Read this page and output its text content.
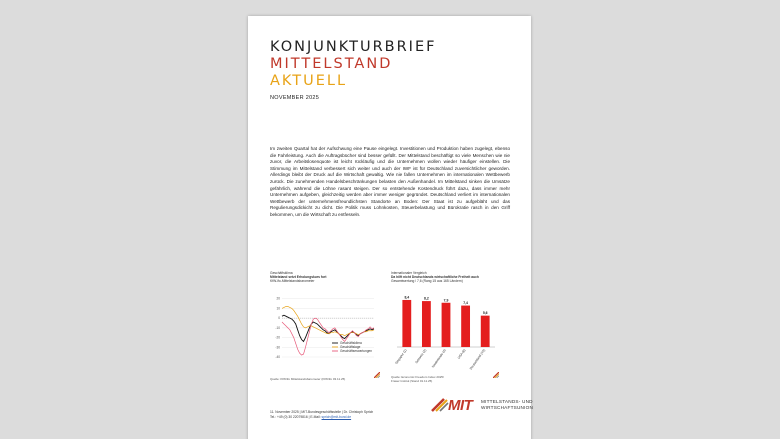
KONJUNKTURBRIEF
MITTELSTAND
AKTUELL
NOVEMBER 2025
Im zweiten Quartal hat der Aufschwung eine Pause eingelegt. Investitionen und Produktion haben zugelegt, ebenso die Fahrleistung. Auch die Auftragsbücher sind besser gefüllt. Der Mittelstand beschäftigt so viele Menschen wie nie zuvor, die Arbeitslosenquote ist leicht rückläufig und die Unternehmen wollen wieder häufiger einstellen. Die Stimmung im Mittelstand verbessert sich weiter und auch der IWF ist für Deutschland zuversichtlicher geworden. Allerdings bleibt der Druck auf die Wirtschaft gewaltig. Wie nie fallen Unternehmen im internationalen Wettbewerb zurück. Die zunehmenden Handelsbeschränkungen belasten den Außenhandel. Im Mittelstand sinken die Umsätze gefährlich, während die Löhne rasant steigen. Der so entstehende Kostendruck führt dazu, dass immer mehr Unternehmen aufgeben, gleichzeitig werden aber immer weniger gegründet. Deutschland verliert im internationalen Wettbewerb der unternehmensfreundlichsten Standorte an Boden: Der Staat ist zu aufgebläht und das Regulierungsdickicht zu dicht. Die Politik muss Lohnkosten, Steuerbelastung und Bürokratie rasch in den Griff bekommen, um die Wirtschaft zu entfesseln.
Geschäftsklima
Mittelstand setzt Erholungskurs fort
KfW-ifo-Mittelstandsbarometer
20
10
0
-10
-20
-30
-40
Geschäftsklima
Geschäftslage
Geschäftserwartungen
Quelle: KfW/ifo Mittelstandsbarometer (KfW/ifo 03.11.25)
Internationaler Vergleich
Da hilft nicht Deutschlands wirtschaftliche Freiheit auch
Gesamtwertung / 7,6 (Rang 15 aus 165 Ländern)
8,4
Singapur (1)
8,2
Schweiz (2)
7,9
Niederlande (4)
7,4
USA (6)
5,6
Deutschland (15)
Quelle: Economic Freedom Index 2025/
Fraser Institut (Stand 01.11.25)
11. November 2025 | MIT-Bundesgeschäftsstelle | Dr. Christoph Sprich
Tel.: +49 (0) 30 22079816 | E-Mail: sprich@mit-bund.de
MIT MITTELSTANDS- UND
WIRTSCHAFTSUNION
